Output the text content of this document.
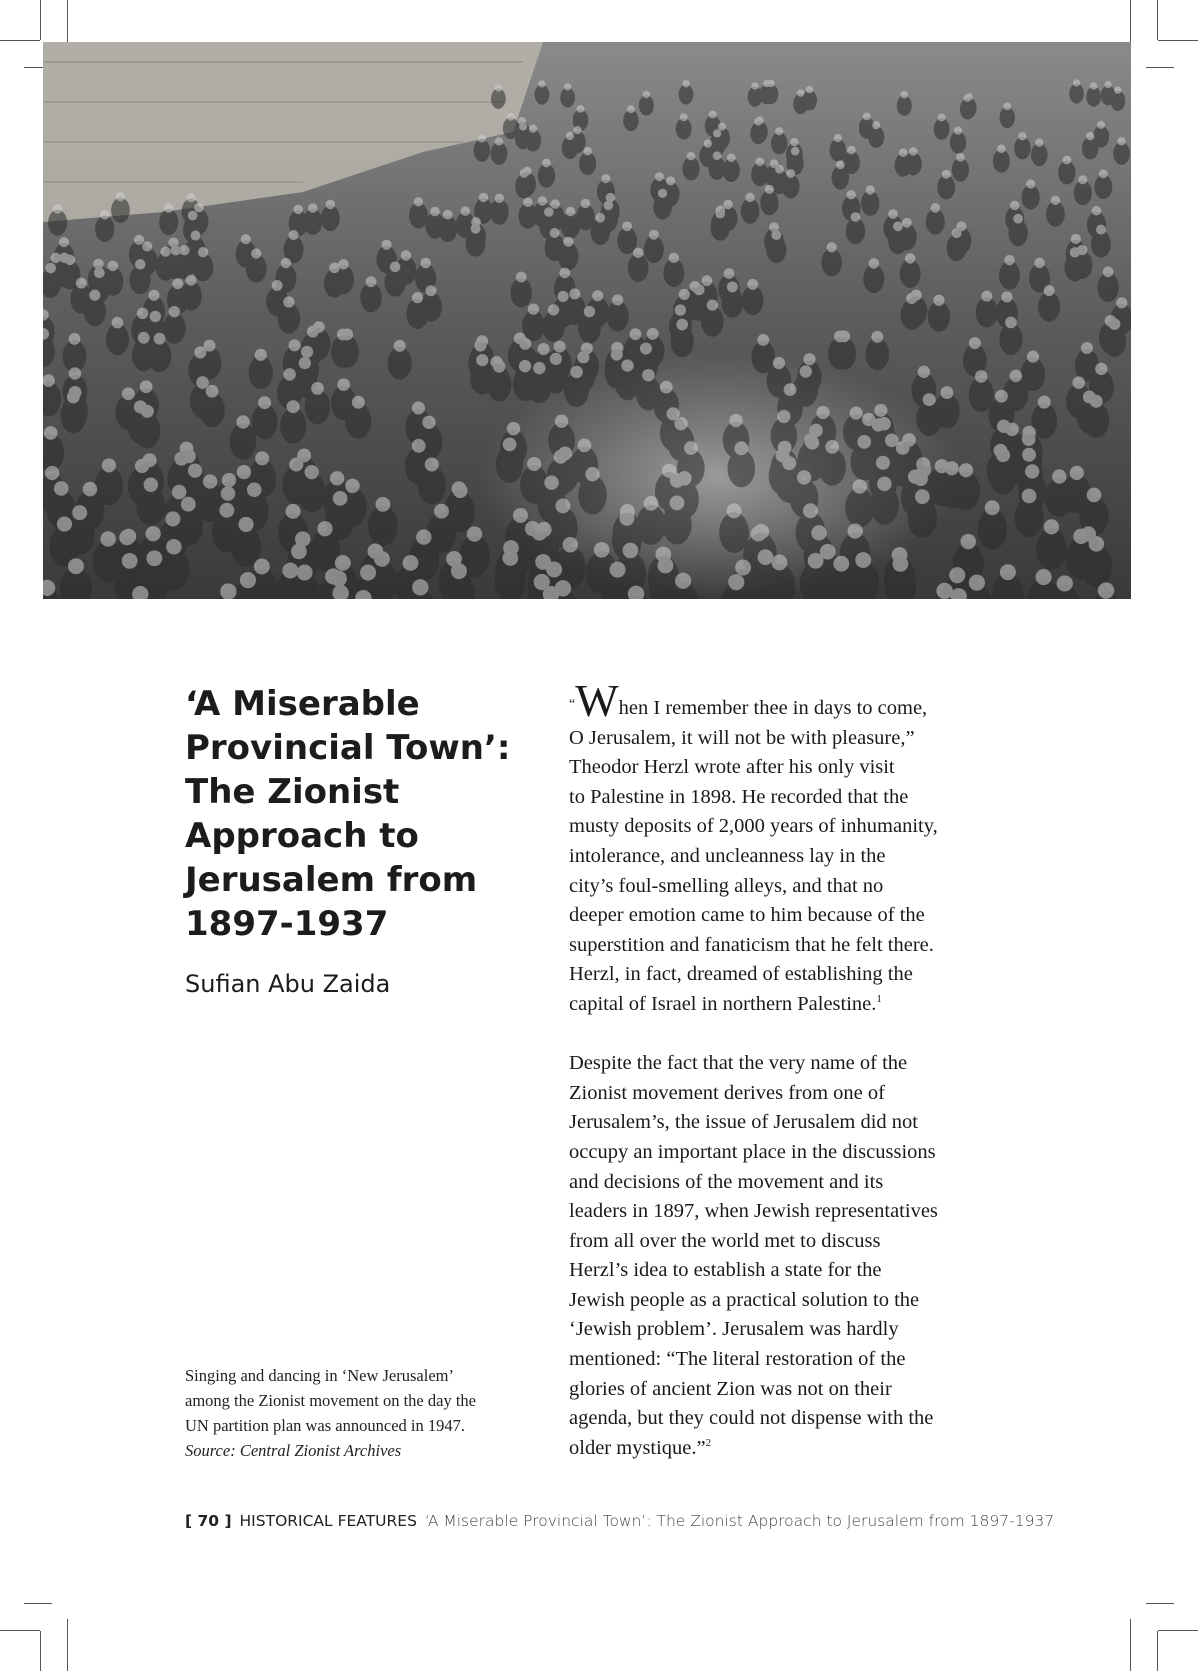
‘A Miserable
Provincial Town’:
The Zionist
Approach to
Jerusalem from
1897-1937

Sufian Abu Zaida

Singing and dancing in ‘New Jerusalem’
among the Zionist movement on the day the
UN partition plan was announced in 1947.
Source: Central Zionist Archives

“When I remember thee in days to come,
O Jerusalem, it will not be with pleasure,”
Theodor Herzl wrote after his only visit
to Palestine in 1898. He recorded that the
musty deposits of 2,000 years of inhumanity,
intolerance, and uncleanness lay in the
city’s foul-smelling alleys, and that no
deeper emotion came to him because of the
superstition and fanaticism that he felt there.
Herzl, in fact, dreamed of establishing the
capital of Israel in northern Palestine.$^1$

Despite the fact that the very name of the
Zionist movement derives from one of
Jerusalem’s, the issue of Jerusalem did not
occupy an important place in the discussions
and decisions of the movement and its
leaders in 1897, when Jewish representatives
from all over the world met to discuss
Herzl’s idea to establish a state for the
Jewish people as a practical solution to the
‘Jewish problem’. Jerusalem was hardly
mentioned: “The literal restoration of the
glories of ancient Zion was not on their
agenda, but they could not dispense with the
older mystique.”$^2$

[ 70 ] HISTORICAL FEATURES ‘A Miserable Provincial Town’: The Zionist Approach to Jerusalem from 1897-1937
